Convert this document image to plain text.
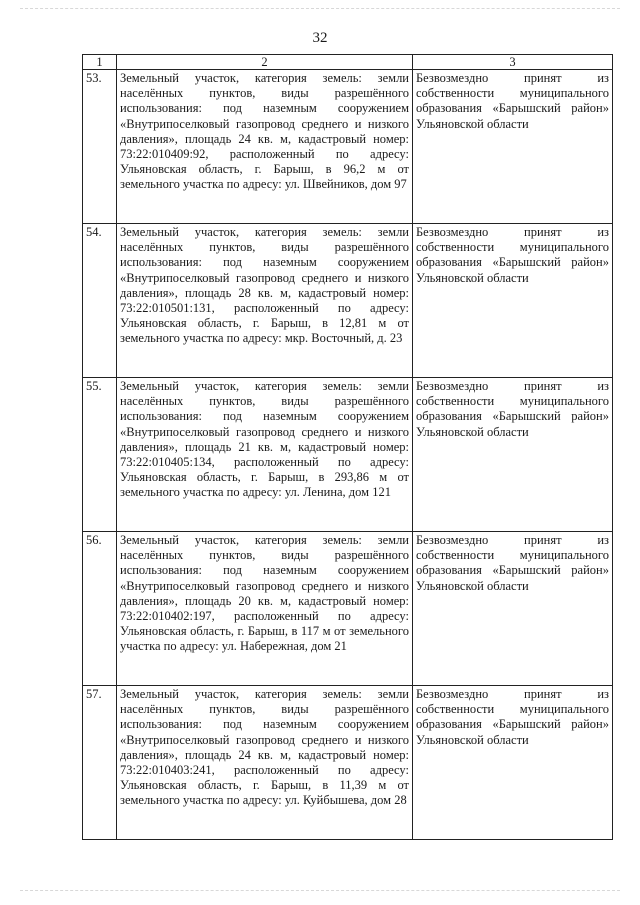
32
1	2	3
53.	Земельный участок, категория земель: земли населённых пунктов, виды разрешённого использования: под наземным сооружением «Внутрипоселковый газопровод среднего и низкого давления», площадь 24 кв. м, кадастровый номер: 73:22:010409:92, расположенный по адресу: Ульяновская область, г. Барыш, в 96,2 м от земельного участка по адресу: ул. Швейников, дом 97	Безвозмездно принят из собственности муниципального образования «Барышский район» Ульяновской области
54.	Земельный участок, категория земель: земли населённых пунктов, виды разрешённого использования: под наземным сооружением «Внутрипоселковый газопровод среднего и низкого давления», площадь 28 кв. м, кадастровый номер: 73:22:010501:131, расположенный по адресу: Ульяновская область, г. Барыш, в 12,81 м от земельного участка по адресу: мкр. Восточный, д. 23	Безвозмездно принят из собственности муниципального образования «Барышский район» Ульяновской области
55.	Земельный участок, категория земель: земли населённых пунктов, виды разрешённого использования: под наземным сооружением «Внутрипоселковый газопровод среднего и низкого давления», площадь 21 кв. м, кадастровый номер: 73:22:010405:134, расположенный по адресу: Ульяновская область, г. Барыш, в 293,86 м от земельного участка по адресу: ул. Ленина, дом 121	Безвозмездно принят из собственности муниципального образования «Барышский район» Ульяновской области
56.	Земельный участок, категория земель: земли населённых пунктов, виды разрешённого использования: под наземным сооружением «Внутрипоселковый газопровод среднего и низкого давления», площадь 20 кв. м, кадастровый номер: 73:22:010402:197, расположенный по адресу: Ульяновская область, г. Барыш, в 117 м от земельного участка по адресу: ул. Набережная, дом 21	Безвозмездно принят из собственности муниципального образования «Барышский район» Ульяновской области
57.	Земельный участок, категория земель: земли населённых пунктов, виды разрешённого использования: под наземным сооружением «Внутрипоселковый газопровод среднего и низкого давления», площадь 24 кв. м, кадастровый номер: 73:22:010403:241, расположенный по адресу: Ульяновская область, г. Барыш, в 11,39 м от земельного участка по адресу: ул. Куйбышева, дом 28	Безвозмездно принят из собственности муниципального образования «Барышский район» Ульяновской области
